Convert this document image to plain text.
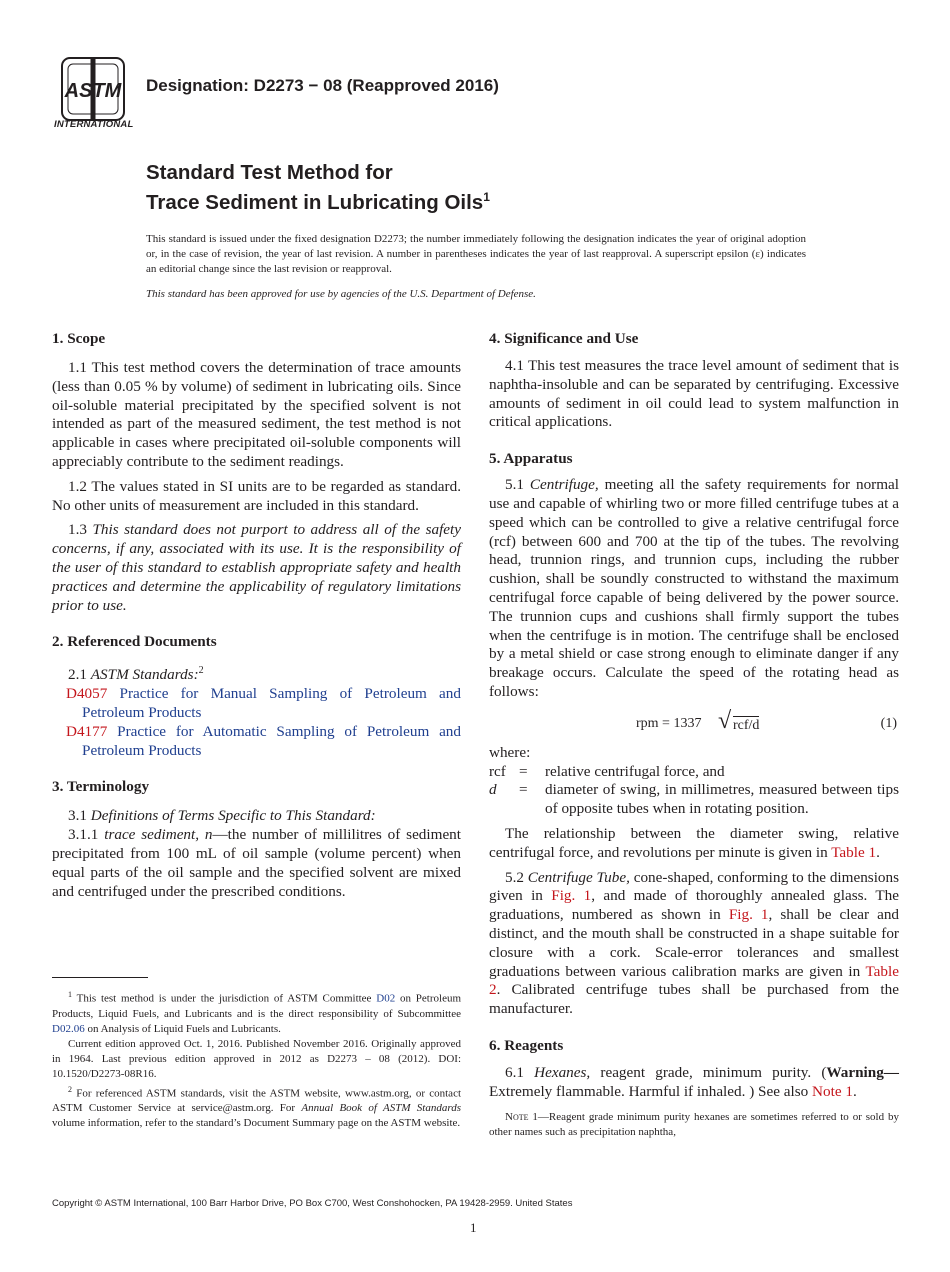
ASTM
INTERNATIONAL
Designation: D2273 − 08 (Reapproved 2016)
Standard Test Method for
Trace Sediment in Lubricating Oils$^1$

This standard is issued under the fixed designation D2273; the number immediately following the designation indicates the year of original adoption or, in the case of revision, the year of last revision. A number in parentheses indicates the year of last reapproval. A superscript epsilon (ε) indicates an editorial change since the last revision or reapproval.

This standard has been approved for use by agencies of the U.S. Department of Defense.

1. Scope

1.1 This test method covers the determination of trace amounts (less than 0.05 % by volume) of sediment in lubricating oils. Since oil-soluble material precipitated by the specified solvent is not intended as part of the measured sediment, the test method is not applicable in cases where precipitated oil-soluble components will appreciably contribute to the sediment readings.

1.2 The values stated in SI units are to be regarded as standard. No other units of measurement are included in this standard.

1.3 This standard does not purport to address all of the safety concerns, if any, associated with its use. It is the responsibility of the user of this standard to establish appropriate safety and health practices and determine the applicability of regulatory limitations prior to use.

2. Referenced Documents

2.1 ASTM Standards:$^2$

D4057 Practice for Manual Sampling of Petroleum and Petroleum Products

D4177 Practice for Automatic Sampling of Petroleum and Petroleum Products

3. Terminology

3.1 Definitions of Terms Specific to This Standard:

3.1.1 trace sediment, n—the number of millilitres of sediment precipitated from 100 mL of oil sample (volume percent) when equal parts of the oil sample and the specified solvent are mixed and centrifuged under the prescribed conditions.

$^1$ This test method is under the jurisdiction of ASTM Committee D02 on Petroleum Products, Liquid Fuels, and Lubricants and is the direct responsibility of Subcommittee D02.06 on Analysis of Liquid Fuels and Lubricants.

Current edition approved Oct. 1, 2016. Published November 2016. Originally approved in 1964. Last previous edition approved in 2012 as D2273 – 08 (2012). DOI: 10.1520/D2273-08R16.

$^2$ For referenced ASTM standards, visit the ASTM website, www.astm.org, or contact ASTM Customer Service at service@astm.org. For Annual Book of ASTM Standards volume information, refer to the standard’s Document Summary page on the ASTM website.

4. Significance and Use

4.1 This test measures the trace level amount of sediment that is naphtha-insoluble and can be separated by centrifuging. Excessive amounts of sediment in oil could lead to system malfunction in critical applications.

5. Apparatus

5.1 Centrifuge, meeting all the safety requirements for normal use and capable of whirling two or more filled centrifuge tubes at a speed which can be controlled to give a relative centrifugal force (rcf) between 600 and 700 at the tip of the tubes. The revolving head, trunnion rings, and trunnion cups, including the rubber cushion, shall be soundly constructed to withstand the maximum centrifugal force capable of being delivered by the power source. The trunnion cups and cushions shall firmly support the tubes when the centrifuge is in motion. The centrifuge shall be enclosed by a metal shield or case strong enough to eliminate danger if any breakage occurs. Calculate the speed of the rotating head as follows:

rpm = 1337 √ rcf/d	(1)

where:

rcf =	relative centrifugal force, and
d	=	diameter of swing, in millimetres, measured between tips of opposite tubes when in rotating position.

The relationship between the diameter swing, relative centrifugal force, and revolutions per minute is given in Table 1.

5.2 Centrifuge Tube, cone-shaped, conforming to the dimensions given in Fig. 1, and made of thoroughly annealed glass. The graduations, numbered as shown in Fig. 1, shall be clear and distinct, and the mouth shall be constructed in a shape suitable for closure with a cork. Scale-error tolerances and smallest graduations between various calibration marks are given in Table 2. Calibrated centrifuge tubes shall be purchased from the manufacturer.

6. Reagents

6.1 Hexanes, reagent grade, minimum purity. (Warning— Extremely flammable. Harmful if inhaled. ) See also Note 1.

Note 1—Reagent grade minimum purity hexanes are sometimes referred to or sold by other names such as precipitation naphtha,

Copyright © ASTM International, 100 Barr Harbor Drive, PO Box C700, West Conshohocken, PA 19428-2959. United States
1
